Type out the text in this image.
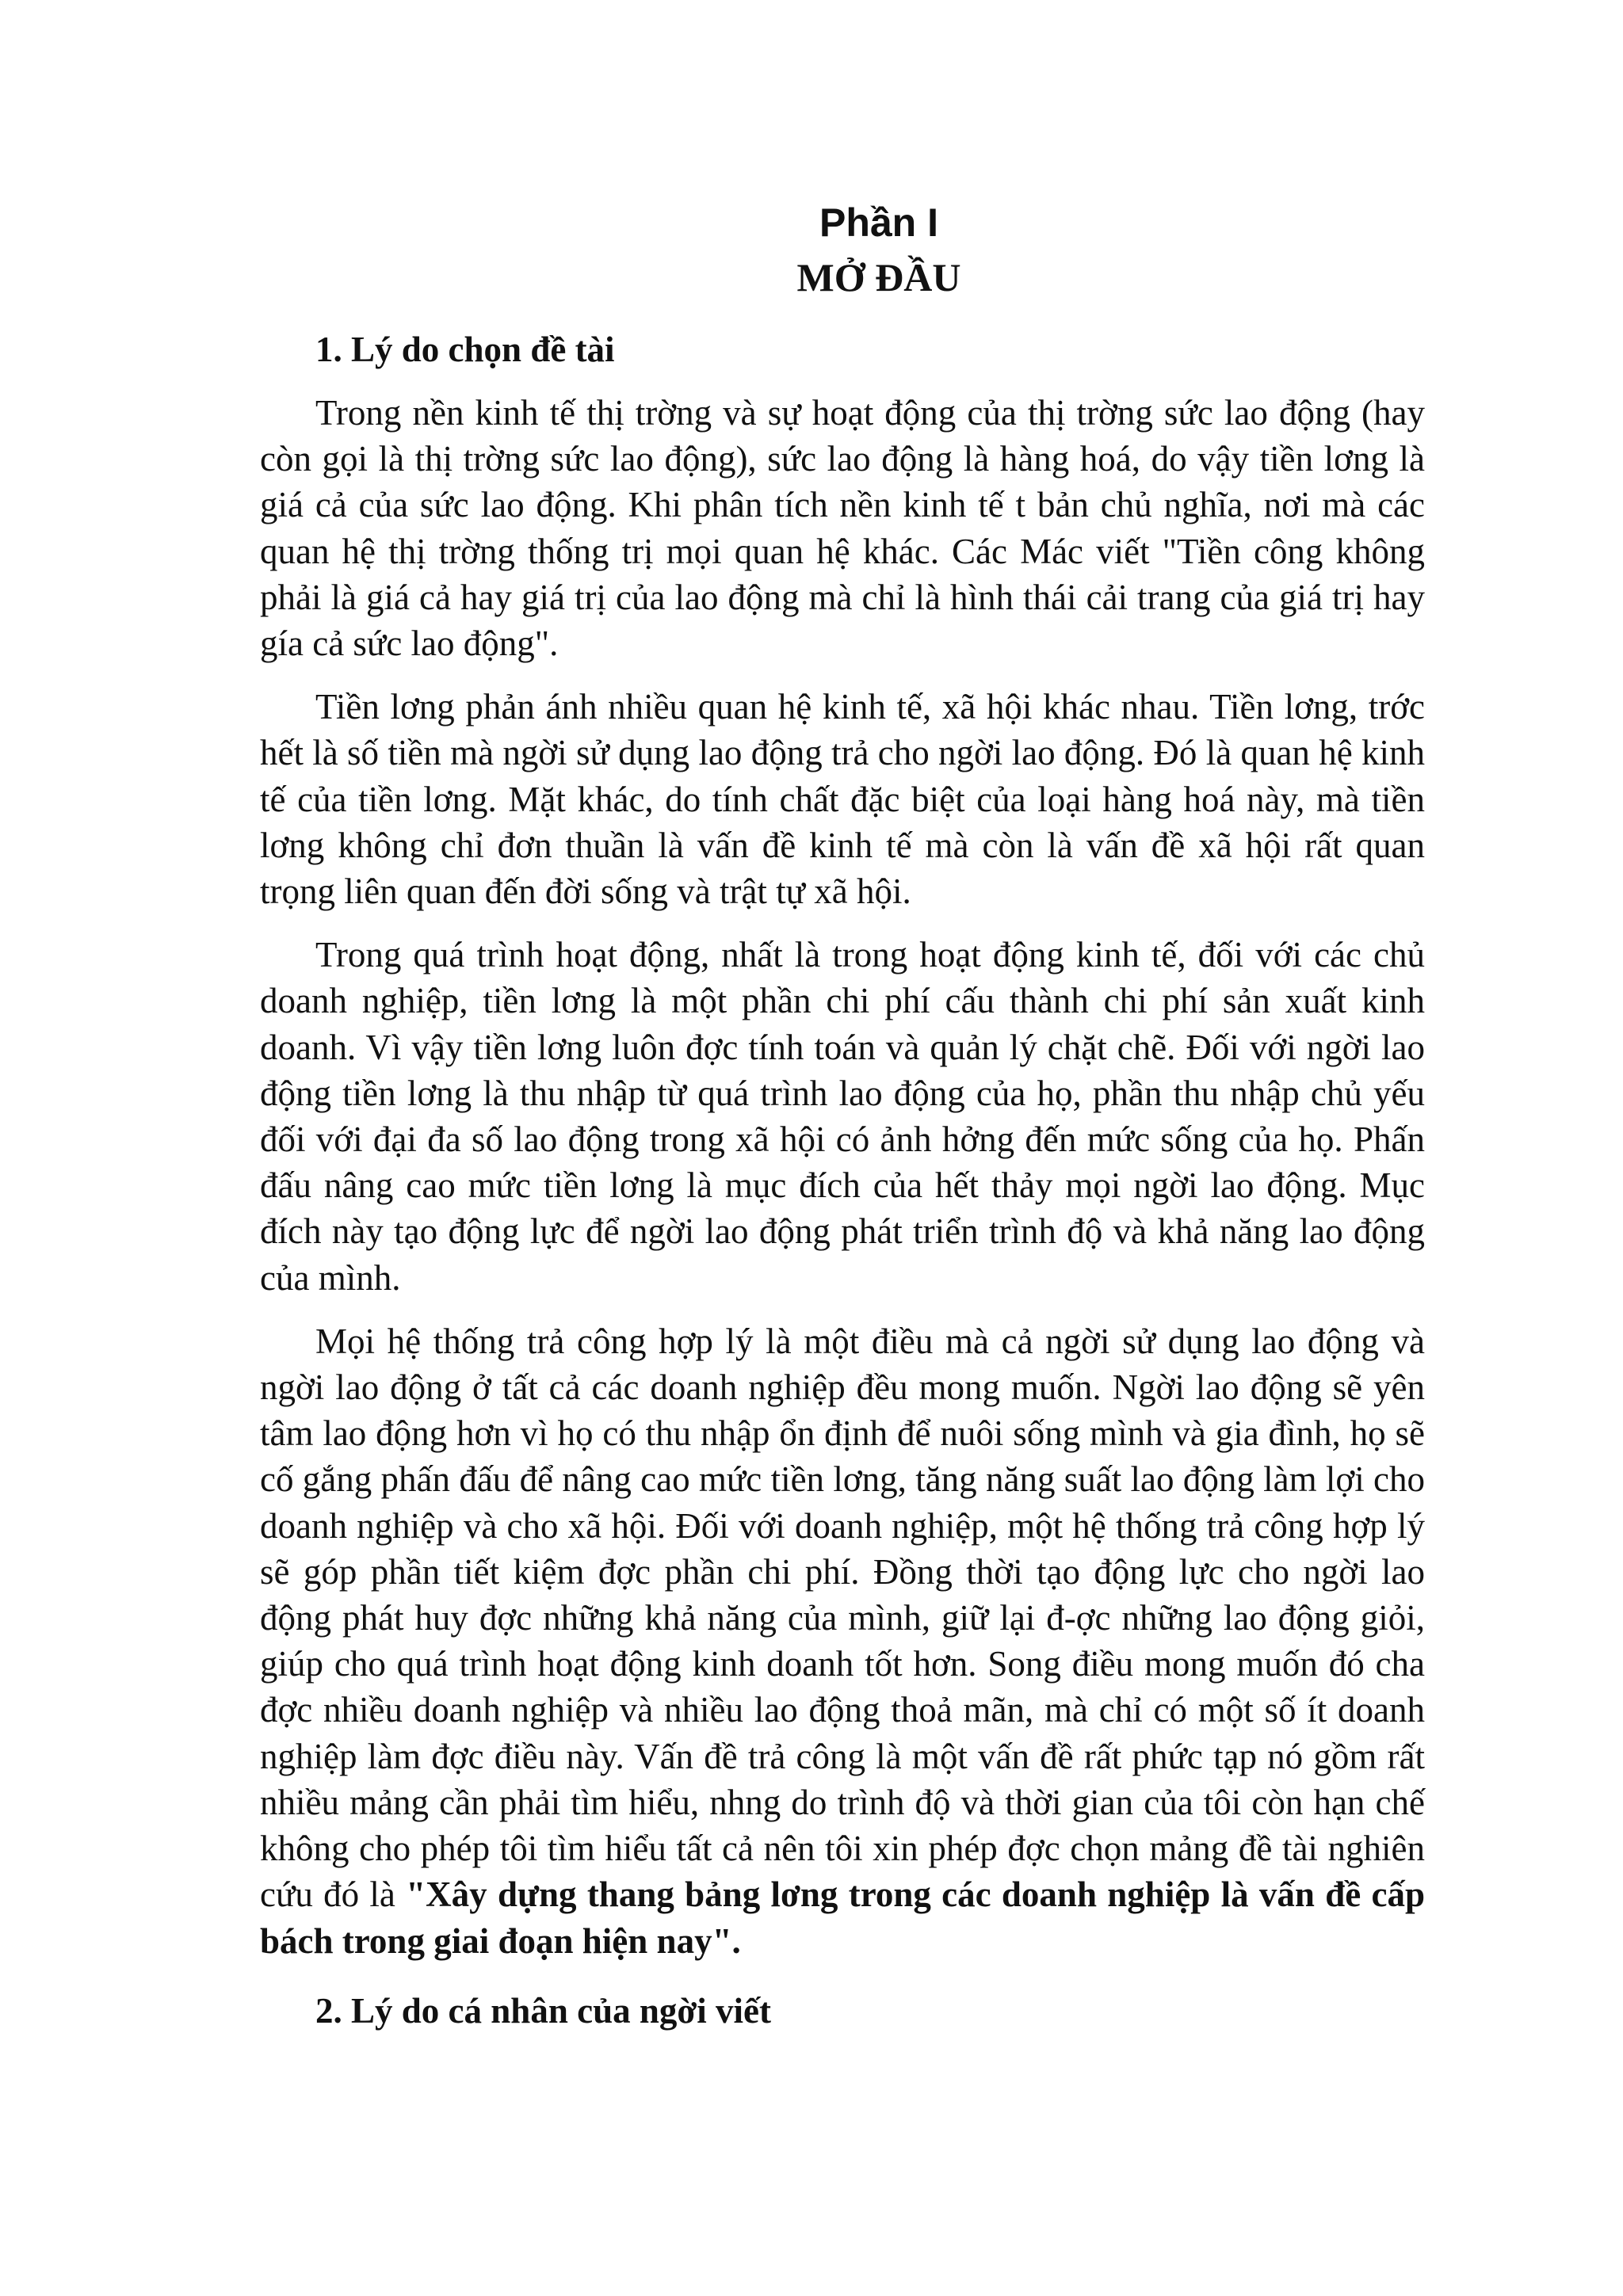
Phần I
MỞ ĐẦU
1. Lý do chọn đề tài

Trong nền kinh tế thị trờng và sự hoạt động của thị trờng sức lao động (hay còn gọi là thị trờng sức lao động), sức lao động là hàng hoá, do vậy tiền lơng là giá cả của sức lao động. Khi phân tích nền kinh tế t bản chủ nghĩa, nơi mà các quan hệ thị trờng thống trị mọi quan hệ khác. Các Mác viết "Tiền công không phải là giá cả hay giá trị của lao động mà chỉ là hình thái cải trang của giá trị hay gía cả sức lao động".

Tiền lơng phản ánh nhiều quan hệ kinh tế, xã hội khác nhau. Tiền lơng, trớc hết là số tiền mà ngời sử dụng lao động trả cho ngời lao động. Đó là quan hệ kinh tế của tiền lơng. Mặt khác, do tính chất đặc biệt của loại hàng hoá này, mà tiền lơng không chỉ đơn thuần là vấn đề kinh tế mà còn là vấn đề xã hội rất quan trọng liên quan đến đời sống và trật tự xã hội.

Trong quá trình hoạt động, nhất là trong hoạt động kinh tế, đối với các chủ doanh nghiệp, tiền lơng là một phần chi phí cấu thành chi phí sản xuất kinh doanh. Vì vậy tiền lơng luôn đợc tính toán và quản lý chặt chẽ. Đối với ngời lao động tiền lơng là thu nhập từ quá trình lao động của họ, phần thu nhập chủ yếu đối với đại đa số lao động trong xã hội có ảnh hởng đến mức sống của họ. Phấn đấu nâng cao mức tiền lơng là mục đích của hết thảy mọi ngời lao động. Mục đích này tạo động lực để ngời lao động phát triển trình độ và khả năng lao động của mình.

Mọi hệ thống trả công hợp lý là một điều mà cả ngời sử dụng lao động và ngời lao động ở tất cả các doanh nghiệp đều mong muốn. Ngời lao động sẽ yên tâm lao động hơn vì họ có thu nhập ổn định để nuôi sống mình và gia đình, họ sẽ cố gắng phấn đấu để nâng cao mức tiền lơng, tăng năng suất lao động làm lợi cho doanh nghiệp và cho xã hội. Đối với doanh nghiệp, một hệ thống trả công hợp lý sẽ góp phần tiết kiệm đợc phần chi phí. Đồng thời tạo động lực cho ngời lao động phát huy đợc những khả năng của mình, giữ lại đ-ợc những lao động giỏi, giúp cho quá trình hoạt động kinh doanh tốt hơn. Song điều mong muốn đó cha đợc nhiều doanh nghiệp và nhiều lao động thoả mãn, mà chỉ có một số ít doanh nghiệp làm đợc điều này. Vấn đề trả công là một vấn đề rất phức tạp nó gồm rất nhiều mảng cần phải tìm hiểu, nhng do trình độ và thời gian của tôi còn hạn chế không cho phép tôi tìm hiểu tất cả nên tôi xin phép đợc chọn mảng đề tài nghiên cứu đó là "Xây dựng thang bảng lơng trong các doanh nghiệp là vấn đề cấp bách trong giai đoạn hiện nay".

2. Lý do cá nhân của ngời viết
